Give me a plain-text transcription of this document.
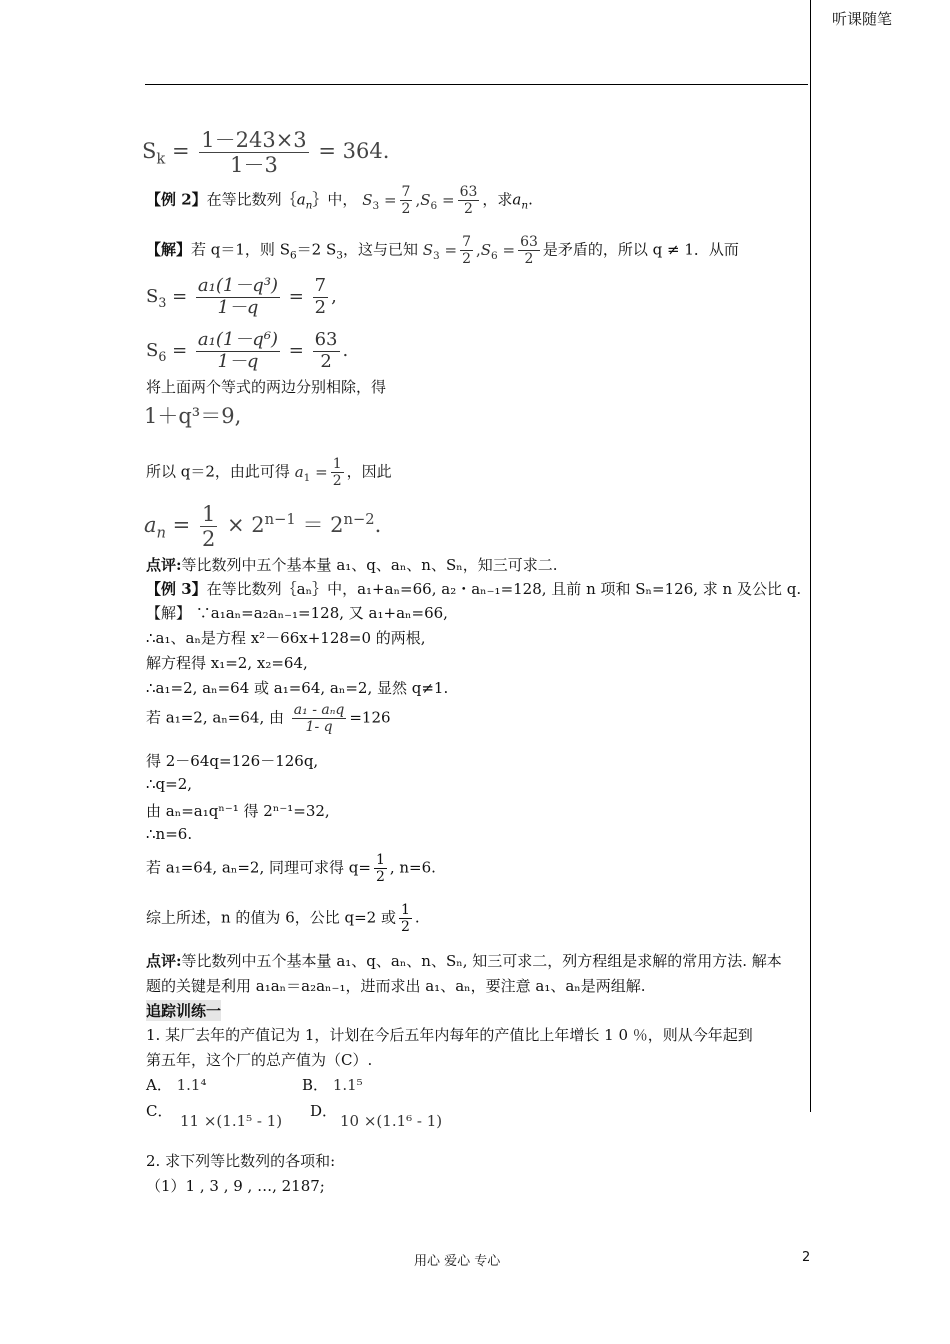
听课随笔
$S_k = \frac{1-243\times 3}{1-3} = 364$.
【例 2】在等比数列$\{a_n\}$中， $S_3 = \frac{7}{2} ,S_6 = \frac{63}{2}$ ，求$a_n$.
【解】若 q＝1，则 $S_6=2$ $S_3$，这与已知 $S_3 = \frac{7}{2} ,S_6 = \frac{63}{2}$ 是矛盾的，所以 q ≠ 1．从而
$S_3 = \frac{\text{a₁(1－q³)}}{1-q} = \frac{7}{2}$ ,
$S_6 = \frac{\text{a₁(1－q⁶)}}{1-q} = \frac{63}{2}$ .
将上面两个等式的两边分别相除，得
1＋q³＝9,
所以 q＝2，由此可得 $a_1 = \frac{1}{2}$ ，因此
$a_n = \frac{1}{2} \times 2^{n-1} = 2^{n-2}$.
点评:等比数列中五个基本量 a₁、q、aₙ、n、Sₙ，知三可求二.
【例 3】在等比数列｛aₙ｝中，a₁+aₙ=66, a₂・aₙ₋₁=128, 且前 n 项和 Sₙ=126, 求 n 及公比 q.
【解】 ∵a₁aₙ=a₂aₙ₋₁=128, 又 a₁+aₙ=66,
∴a₁、aₙ是方程 x²－66x+128=0 的两根,
解方程得 x₁=2, x₂=64,
∴a₁=2, aₙ=64 或 a₁=64, aₙ=2, 显然 q≠1.
若 a₁=2, aₙ=64, 由 $\frac{\text{a₁ - aₙq}}{1- q} =126$
得 2－64q=126－126q,
∴q=2,
由 aₙ=a₁qⁿ⁻¹ 得 2ⁿ⁻¹=32,
∴n=6.
若 a₁=64, aₙ=2, 同理可求得 $q= \frac{1}{2}$ , n=6.
综上所述，n 的值为 6，公比 q=2 或 $\frac{1}{2}$ .
点评:等比数列中五个基本量 a₁、q、aₙ、n、Sₙ, 知三可求二，列方程组是求解的常用方法. 解本
题的关键是利用 a₁aₙ＝a₂aₙ₋₁，进而求出 a₁、aₙ，要注意 a₁、aₙ是两组解.
追踪训练一
1. 某厂去年的产值记为 1，计划在今后五年内每年的产值比上年增长 1 0 ％，则从今年起到
第五年，这个厂的总产值为（C）.
A． 1.1⁴	B． 1.1⁵
C．
11 ×(1.1⁵ - 1)
D．
10 ×(1.1⁶ - 1)
2. 求下列等比数列的各项和:
（1）1 , 3 , 9 , …, 2187;
用心 爱心 专心	2
